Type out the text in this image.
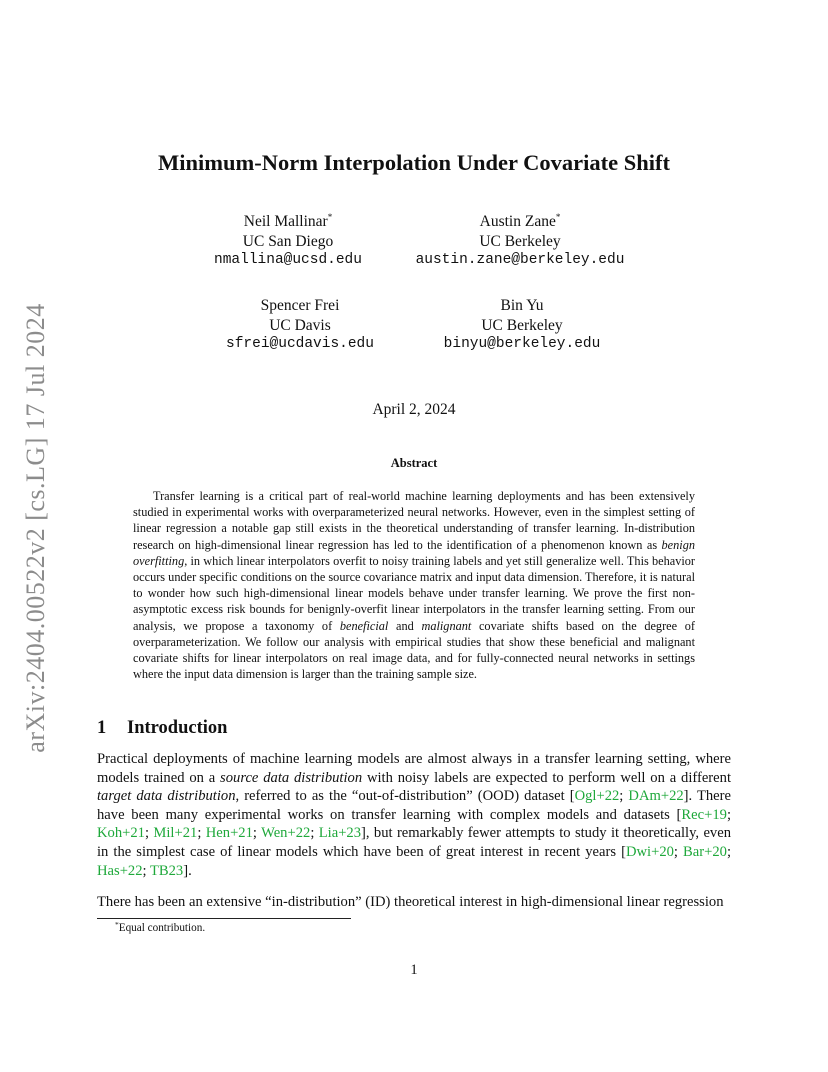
arXiv:2404.00522v2 [cs.LG] 17 Jul 2024
Minimum-Norm Interpolation Under Covariate Shift
Neil Mallinar*
UC San Diego
nmallina@ucsd.edu
Austin Zane*
UC Berkeley
austin.zane@berkeley.edu
Spencer Frei
UC Davis
sfrei@ucdavis.edu
Bin Yu
UC Berkeley
binyu@berkeley.edu
April 2, 2024
Abstract
Transfer learning is a critical part of real-world machine learning deployments and has been extensively studied in experimental works with overparameterized neural networks. However, even in the simplest setting of linear regression a notable gap still exists in the theoretical understanding of transfer learning. In-distribution research on high-dimensional linear regression has led to the identification of a phenomenon known as benign overfitting, in which linear interpolators overfit to noisy training labels and yet still generalize well. This behavior occurs under specific conditions on the source covariance matrix and input data dimension. Therefore, it is natural to wonder how such high-dimensional linear models behave under transfer learning. We prove the first non-asymptotic excess risk bounds for benignly-overfit linear interpolators in the transfer learning setting. From our analysis, we propose a taxonomy of beneficial and malignant covariate shifts based on the degree of overparameterization. We follow our analysis with empirical studies that show these beneficial and malignant covariate shifts for linear interpolators on real image data, and for fully-connected neural networks in settings where the input data dimension is larger than the training sample size.
1 Introduction
Practical deployments of machine learning models are almost always in a transfer learning setting, where models trained on a source data distribution with noisy labels are expected to perform well on a different target data distribution, referred to as the “out-of-distribution” (OOD) dataset [Ogl+22; DAm+22]. There have been many experimental works on transfer learning with complex models and datasets [Rec+19; Koh+21; Mil+21; Hen+21; Wen+22; Lia+23], but remarkably fewer attempts to study it theoretically, even in the simplest case of linear models which have been of great interest in recent years [Dwi+20; Bar+20; Has+22; TB23].
There has been an extensive “in-distribution” (ID) theoretical interest in high-dimensional linear regression
*Equal contribution.
1
